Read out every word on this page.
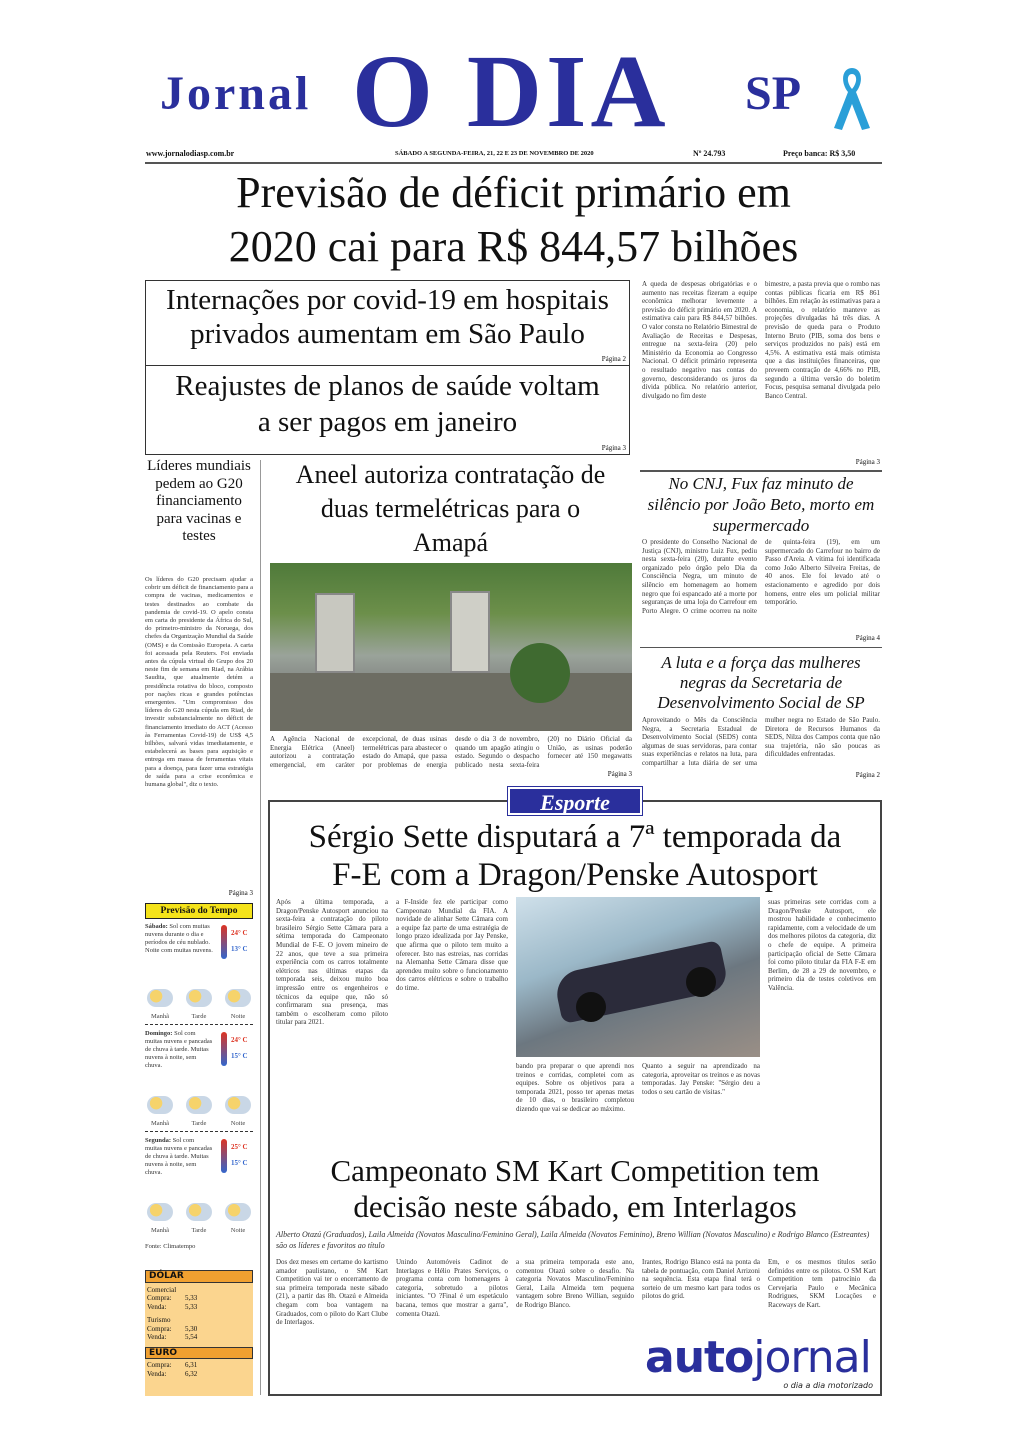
Jornal O DIA SP
www.jornalodiasp.com.br	SÁBADO A SEGUNDA-FEIRA, 21, 22 E 23 DE NOVEMBRO DE 2020	Nº 24.793	Preço banca: R$ 3,50
Previsão de déficit primário em
2020 cai para R$ 844,57 bilhões
Internações por covid-19 em hospitais privados aumentam em São Paulo
Página 2
Reajustes de planos de saúde voltam a ser pagos em janeiro
Página 3
A queda de despesas obrigatórias e o aumento nas receitas fizeram a equipe econômica melhorar levemente a previsão do déficit primário em 2020. A estimativa caiu para R$ 844,57 bilhões. O valor consta no Relatório Bimestral de Avaliação de Receitas e Despesas, entregue na sexta-feira (20) pelo Ministério da Economia ao Congresso Nacional. O déficit primário representa o resultado negativo nas contas do governo, desconsiderando os juros da dívida pública. No relatório anterior, divulgado no fim deste
bimestre, a pasta previa que o rombo nas contas públicas ficaria em R$ 861 bilhões. Em relação às estimativas para a economia, o relatório manteve as projeções divulgadas há três dias. A previsão de queda para o Produto Interno Bruto (PIB, soma dos bens e serviços produzidos no país) está em 4,5%. A estimativa está mais otimista que a das instituições financeiras, que preveem contração de 4,66% no PIB, segundo a última versão do boletim Focus, pesquisa semanal divulgada pelo Banco Central.
Página 3
Líderes mundiais pedem ao G20 financiamento para vacinas e testes
Os líderes do G20 precisam ajudar a cobrir um déficit de financiamento para a compra de vacinas, medicamentos e testes destinados ao combate da pandemia de covid-19. O apelo consta em carta do presidente da África do Sul, do primeiro-ministro da Noruega, dos chefes da Organização Mundial da Saúde (OMS) e da Comissão Europeia. A carta foi acessada pela Reuters. Foi enviada antes da cúpula virtual do Grupo dos 20 neste fim de semana em Riad, na Arábia Saudita, que atualmente detém a presidência rotativa do bloco, composto por nações ricas e grandes potências emergentes. "Um compromisso dos líderes do G20 nesta cúpula em Riad, de investir substancialmente no déficit de financiamento imediato do ACT (Acesso às Ferramentas Covid-19) de US$ 4,5 bilhões, salvará vidas imediatamente, e estabelecerá as bases para aquisição e entrega em massa de ferramentas vitais para a doença, para fazer uma estratégia de saída para a crise econômica e humana global", diz o texto.
Página 3
Previsão do Tempo
Sábado: Sol com muitas nuvens durante o dia e períodos de céu nublado. Noite com muitas nuvens.
24° C
13° C
Manhã	Tarde	Noite
Domingo: Sol com muitas nuvens e pancadas de chuva à tarde. Muitas nuvens à noite, sem chuva.
24° C
15° C
Manhã	Tarde	Noite
Segunda: Sol com muitas nuvens e pancadas de chuva à tarde. Muitas nuvens à noite, sem chuva.
25° C
15° C
Manhã	Tarde	Noite
Fonte: Climatempo
DÓLAR
Comercial
Compra:	5,33
Venda:	5,33
Turismo
Compra:	5,30
Venda:	5,54
EURO
Compra:	6,31
Venda:	6,32
Aneel autoriza contratação de duas termelétricas para o Amapá
A Agência Nacional de Energia Elétrica (Aneel) autorizou a contratação emergencial, em caráter excepcional, de duas usinas termelétricas para abastecer o estado do Amapá, que passa por problemas de energia desde o dia 3 de novembro, quando um apagão atingiu o estado. Segundo o despacho publicado nesta sexta-feira (20) no Diário Oficial da União, as usinas poderão fornecer até 150 megawatts
Página 3
No CNJ, Fux faz minuto de silêncio por João Beto, morto em supermercado
O presidente do Conselho Nacional de Justiça (CNJ), ministro Luiz Fux, pediu nesta sexta-feira (20), durante evento organizado pelo órgão pelo Dia da Consciência Negra, um minuto de silêncio em homenagem ao homem negro que foi espancado até a morte por seguranças de uma loja do Carrefour em Porto Alegre. O crime ocorreu na noite de quinta-feira (19), em um supermercado do Carrefour no bairro de Passo d'Areia. A vítima foi identificada como João Alberto Silveira Freitas, de 40 anos. Ele foi levado até o estacionamento e agredido por dois homens, entre eles um policial militar temporário.
Página 4
A luta e a força das mulheres negras da Secretaria de Desenvolvimento Social de SP
Aproveitando o Mês da Consciência Negra, a Secretaria Estadual de Desenvolvimento Social (SEDS) conta algumas de suas servidoras, para contar suas experiências e relatos na luta, para compartilhar a luta diária de ser uma mulher negra no Estado de São Paulo. Diretora de Recursos Humanos da SEDS, Nilza dos Campos conta que não sua trajetória, não são poucas as dificuldades enfrentadas.
Página 2
Esporte
Sérgio Sette disputará a 7ª temporada da
F-E com a Dragon/Penske Autosport
Após a última temporada, a Dragon/Penske Autosport anunciou na sexta-feira a contratação do piloto brasileiro Sérgio Sette Câmara para a sétima temporada do Campeonato Mundial de F-E. O jovem mineiro de 22 anos, que teve a sua primeira experiência com os carros totalmente elétricos nas últimas etapas da temporada seis, deixou muito boa impressão entre os engenheiros e técnicos da equipe que, não só confirmaram sua presença, mas também o escolheram como piloto titular para 2021.
a F-Inside fez ele participar como Campeonato Mundial da FIA. A novidade de alinhar Sette Câmara com a equipe faz parte de uma estratégia de longo prazo idealizada por Jay Penske, que afirma que o piloto tem muito a oferecer. Isto nas estreias, nas corridas na Alemanha Sette Câmara disse que aprendeu muito sobre o funcionamento dos carros elétricos e sobre o trabalho do time.
bando pra preparar o que aprendi nos treinos e corridas, completei com as equipes. Sobre os objetivos para a temporada 2021, posso ter apenas metas de 10 dias, o brasileiro completou dizendo que vai se dedicar ao máximo.
Quanto a seguir na aprendizado na categoria, aproveitar os treinos e as novas temporadas. Jay Penske: "Sérgio deu a todos o seu cartão de visitas."
suas primeiras sete corridas com a Dragon/Penske Autosport, ele mostrou habilidade e conhecimento rapidamente, com a velocidade de um dos melhores pilotos da categoria, diz o chefe de equipe. A primeira participação oficial de Sette Câmara foi como piloto titular da FIA F-E em Berlim, de 28 a 29 de novembro, e primeiro dia de testes coletivos em Valência.
Campeonato SM Kart Competition tem
decisão neste sábado, em Interlagos
Alberto Otazú (Graduados), Laila Almeida (Novatos Masculino/Feminino Geral), Laila Almeida (Novatos Feminino), Breno Willian (Novatos Masculino) e Rodrigo Blanco (Estreantes) são os líderes e favoritos ao título
Dos dez meses em certame do kartismo amador paulistano, o SM Kart Competition vai ter o encerramento de sua primeira temporada neste sábado (21), a partir das 8h. Otazú e Almeida chegam com boa vantagem na Graduados, com o piloto do Kart Clube de Interlagos.
Unindo Automóveis Cadinot de Interlagos e Hélio Prates Serviços, o programa conta com homenagens à categoria, sobretudo a pilotos iniciantes. "O ?Final é um espetáculo bacana, temos que mostrar a garra", comenta Otazú.
a sua primeira temporada este ano, comentou Otazú sobre o desafio. Na categoria Novatos Masculino/Feminino Geral, Laila Almeida tem pequena vantagem sobre Breno Willian, seguido de Rodrigo Blanco.
Irantes, Rodrigo Blanco está na ponta da tabela de pontuação, com Daniel Arrizoni na sequência. Esta etapa final terá o sorteio de um mesmo kart para todos os pilotos do grid.
Em, e os mesmos títulos serão definidos entre os pilotos. O SM Kart Competition tem patrocínio da Cervejaria Paulo e Mecânica Rodrigues, SKM Locações e Raceways de Kart.
autojornal
o dia a dia motorizado
